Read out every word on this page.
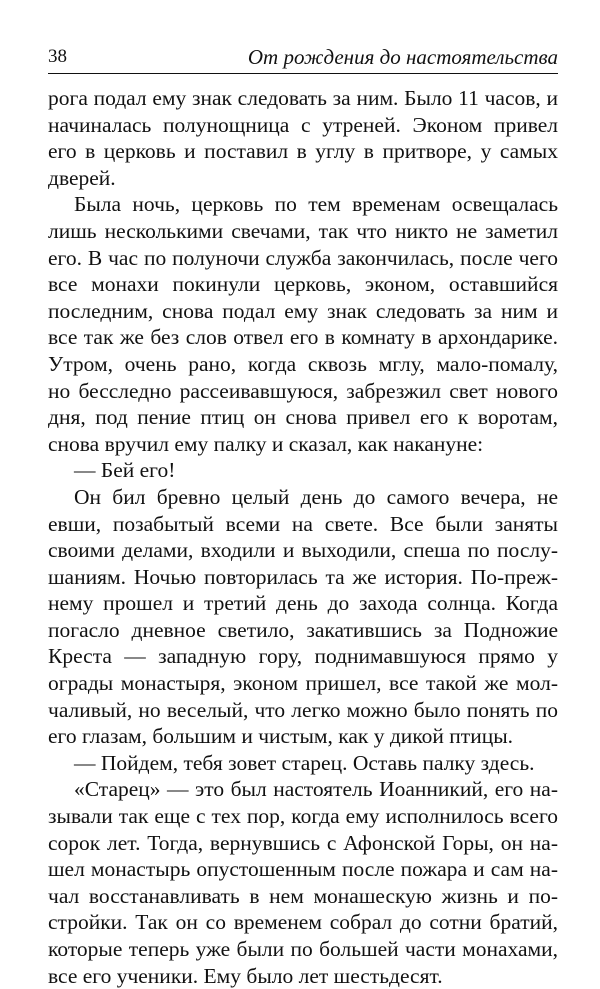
38	От рождения до настоятельства
рога подал ему знак следовать за ним. Было 11 часов, и
начиналась полунощница с утреней. Эконом привел
его в церковь и поставил в углу в притворе, у самых
дверей.
Была ночь, церковь по тем временам освещалась
лишь несколькими свечами, так что никто не заметил
его. В час по полуночи служба закончилась, после чего
все монахи покинули церковь, эконом, оставшийся
последним, снова подал ему знак следовать за ним и
все так же без слов отвел его в комнату в архондарике.
Утром, очень рано, когда сквозь мглу, мало-помалу,
но бесследно рассеивавшуюся, забрезжил свет нового
дня, под пение птиц он снова привел его к воротам,
снова вручил ему палку и сказал, как накануне:
— Бей его!
Он бил бревно целый день до самого вечера, не
евши, позабытый всеми на свете. Все были заняты
своими делами, входили и выходили, спеша по послу-
шаниям. Ночью повторилась та же история. По-преж-
нему прошел и третий день до захода солнца. Когда
погасло дневное светило, закатившись за Подножие
Креста — западную гору, поднимавшуюся прямо у
ограды монастыря, эконом пришел, все такой же мол-
чаливый, но веселый, что легко можно было понять по
его глазам, большим и чистым, как у дикой птицы.
— Пойдем, тебя зовет старец. Оставь палку здесь.
«Старец» — это был настоятель Иоанникий, его на-
зывали так еще с тех пор, когда ему исполнилось всего
сорок лет. Тогда, вернувшись с Афонской Горы, он на-
шел монастырь опустошенным после пожара и сам на-
чал восстанавливать в нем монашескую жизнь и по-
стройки. Так он со временем собрал до сотни братий,
которые теперь уже были по большей части монахами,
все его ученики. Ему было лет шестьдесят.
